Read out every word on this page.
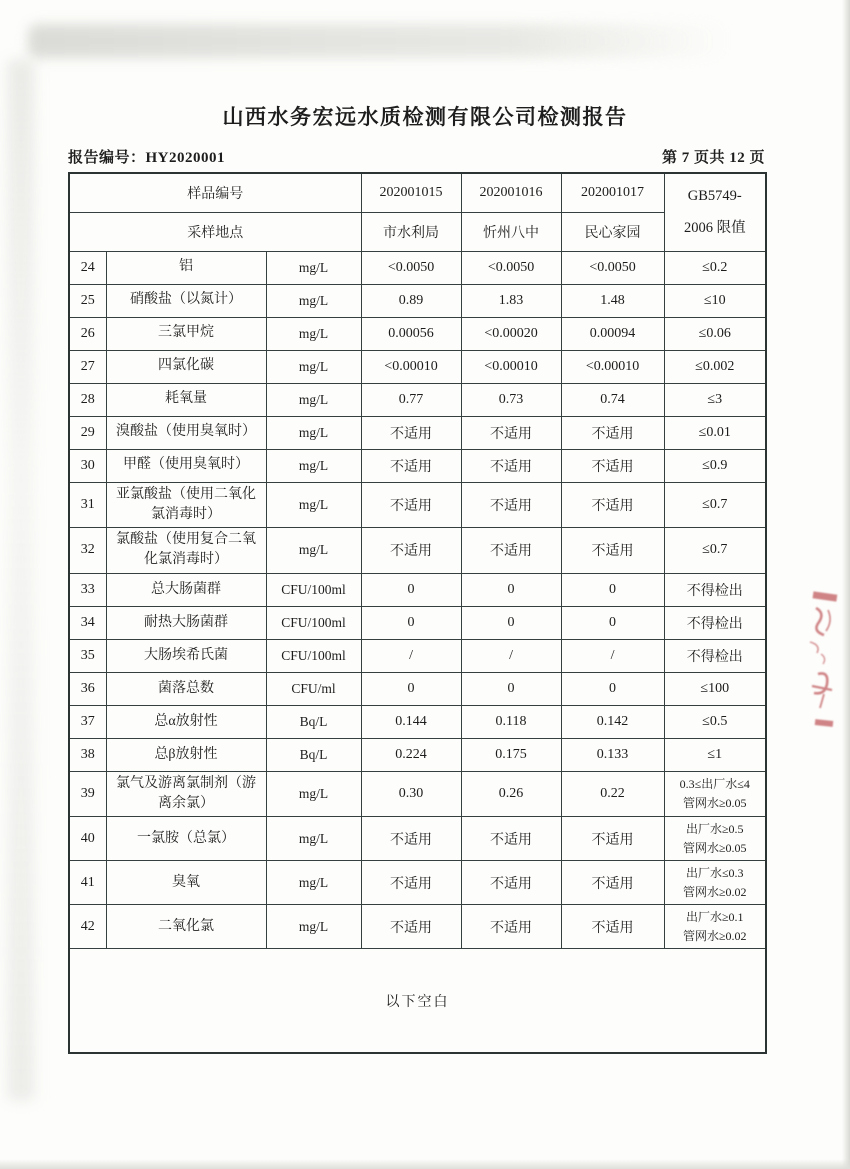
山西水务宏远水质检测有限公司检测报告
报告编号：HY2020001	第 7 页共 12 页
样品编号			202001015	202001016	202001017	GB5749-
2006 限值

采样地点			市水利局	忻州八中	民心家园	
24	铝	mg/L	<0.0050	<0.0050	<0.0050	≤0.2
25	硝酸盐（以氮计）	mg/L	0.89	1.83	1.48	≤10
26	三氯甲烷	mg/L	0.00056	<0.00020	0.00094	≤0.06
27	四氯化碳	mg/L	<0.00010	<0.00010	<0.00010	≤0.002
28	耗氧量	mg/L	0.77	0.73	0.74	≤3
29	溴酸盐（使用臭氧时）	mg/L	不适用	不适用	不适用	≤0.01
30	甲醛（使用臭氧时）	mg/L	不适用	不适用	不适用	≤0.9
31	亚氯酸盐（使用二氧化氯消毒时）	mg/L	不适用	不适用	不适用	≤0.7
32	氯酸盐（使用复合二氧化氯消毒时）	mg/L	不适用	不适用	不适用	≤0.7
33	总大肠菌群	CFU/100ml	0	0	0	不得检出
34	耐热大肠菌群	CFU/100ml	0	0	0	不得检出
35	大肠埃希氏菌	CFU/100ml	/	/	/	不得检出
36	菌落总数	CFU/ml	0	0	0	≤100
37	总α放射性	Bq/L	0.144	0.118	0.142	≤0.5
38	总β放射性	Bq/L	0.224	0.175	0.133	≤1
39	氯气及游离氯制剂（游离余氯）	mg/L	0.30	0.26	0.22	0.3≤出厂水≤4
管网水≥0.05

40	一氯胺（总氯）	mg/L	不适用	不适用	不适用	出厂水≥0.5
管网水≥0.05

41	臭氧	mg/L	不适用	不适用	不适用	出厂水≤0.3
管网水≥0.02

42	二氧化氯	mg/L	不适用	不适用	不适用	出厂水≥0.1
管网水≥0.02

以下空白						
